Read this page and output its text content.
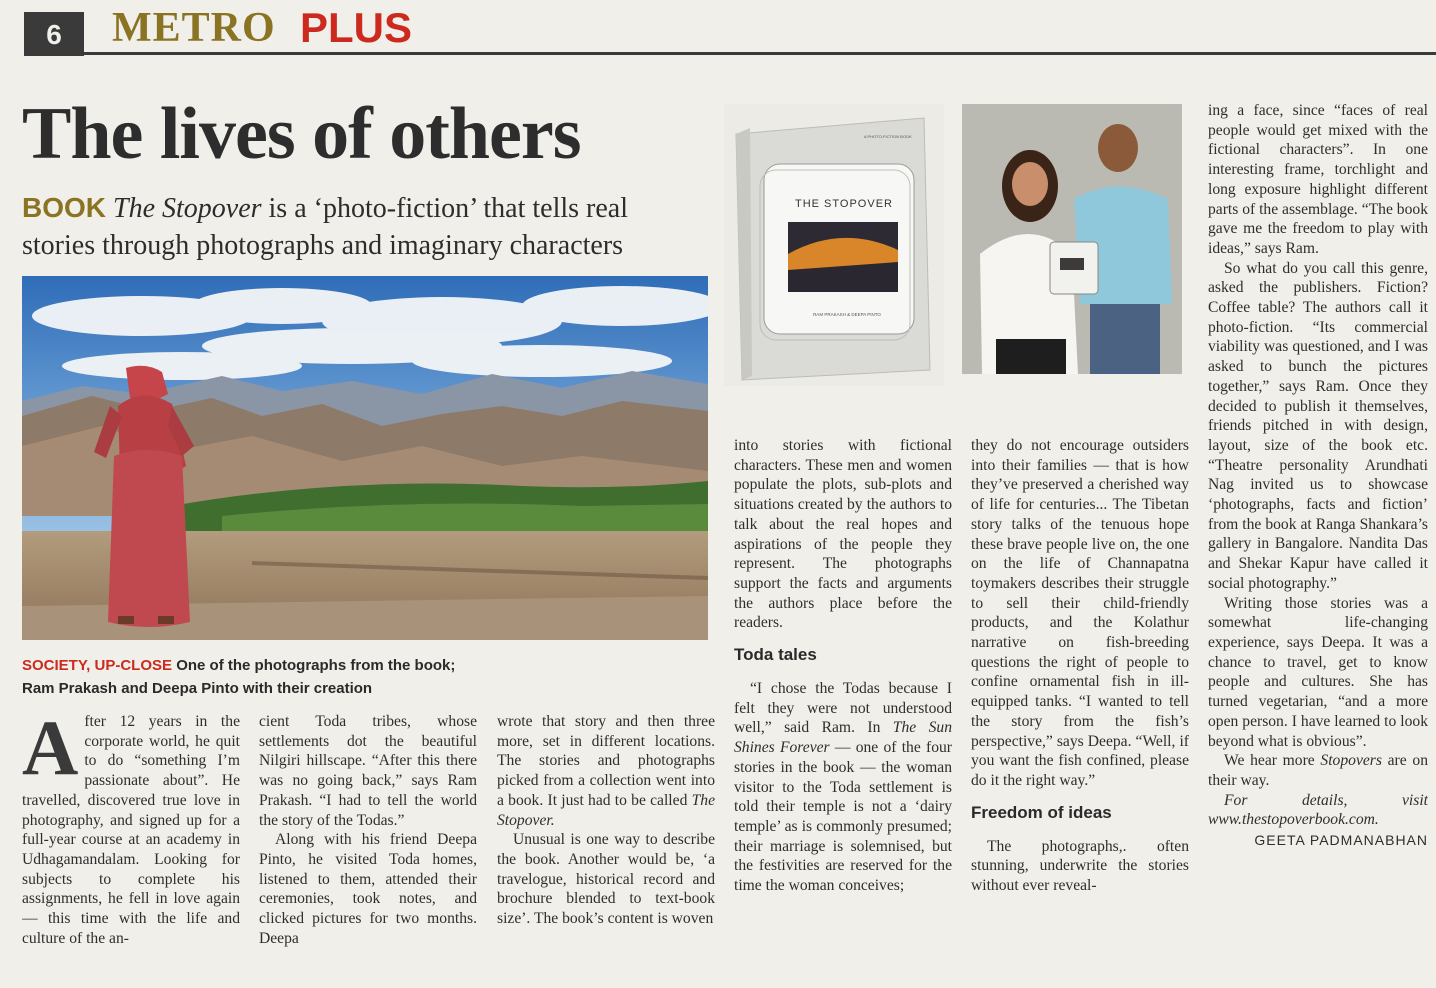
6	METRO PLUS
The lives of others
BOOK The Stopover is a ‘photo-fiction’ that tells real stories through photographs and imaginary characters
SOCIETY, UP-CLOSE One of the photographs from the book; Ram Prakash and Deepa Pinto with their creation
THE STOPOVER
A PHOTO-FICTION BOOK
RAM PRAKASH & DEEPA PINTO
A fter 12 years in the corporate world, he quit to do “something I’m passionate about”. He travelled, discovered true love in photography, and signed up for a full-year course at an academy in Udhagamandalam. Looking for subjects to complete his assignments, he fell in love again — this time with the life and culture of the an-

cient Toda tribes, whose settlements dot the beautiful Nilgiri hillscape. “After this there was no going back,” says Ram Prakash. “I had to tell the world the story of the Todas.”

Along with his friend Deepa Pinto, he visited Toda homes, listened to them, attended their ceremonies, took notes, and clicked pictures for two months. Deepa

wrote that story and then three more, set in different locations. The stories and photographs picked from a collection went into a book. It just had to be called The Stopover.

Unusual is one way to describe the book. Another would be, ‘a travelogue, historical record and brochure blended to text-book size’. The book’s content is woven

into stories with fictional characters. These men and women populate the plots, sub-plots and situations created by the authors to talk about the real hopes and aspirations of the people they represent. The photographs support the facts and arguments the authors place before the readers.

Toda tales

“I chose the Todas because I felt they were not understood well,” said Ram. In The Sun Shines Forever — one of the four stories in the book — the woman visitor to the Toda settlement is told their temple is not a ‘dairy temple’ as is commonly presumed; their marriage is solemnised, but the festivities are reserved for the time the woman conceives;

they do not encourage outsiders into their families — that is how they’ve preserved a cherished way of life for centuries... The Tibetan story talks of the tenuous hope these brave people live on, the one on the life of Channapatna toymakers describes their struggle to sell their child-friendly products, and the Kolathur narrative on fish-breeding questions the right of people to confine ornamental fish in ill-equipped tanks. “I wanted to tell the story from the fish’s perspective,” says Deepa. “Well, if you want the fish confined, please do it the right way.”

Freedom of ideas

The photographs,. often stunning, underwrite the stories without ever reveal-

ing a face, since “faces of real people would get mixed with the fictional characters”. In one interesting frame, torchlight and long exposure highlight different parts of the assemblage. “The book gave me the freedom to play with ideas,” says Ram.

So what do you call this genre, asked the publishers. Fiction? Coffee table? The authors call it photo-fiction. “Its commercial viability was questioned, and I was asked to bunch the pictures together,” says Ram. Once they decided to publish it themselves, friends pitched in with design, layout, size of the book etc. “Theatre personality Arundhati Nag invited us to showcase ‘photographs, facts and fiction’ from the book at Ranga Shankara’s gallery in Bangalore. Nandita Das and Shekar Kapur have called it social photography.”

Writing those stories was a somewhat life-changing experience, says Deepa. It was a chance to travel, get to know people and cultures. She has turned vegetarian, “and a more open person. I have learned to look beyond what is obvious”.

We hear more Stopovers are on their way.

For details, visit www.thestopoverbook.com.

GEETA PADMANABHAN
